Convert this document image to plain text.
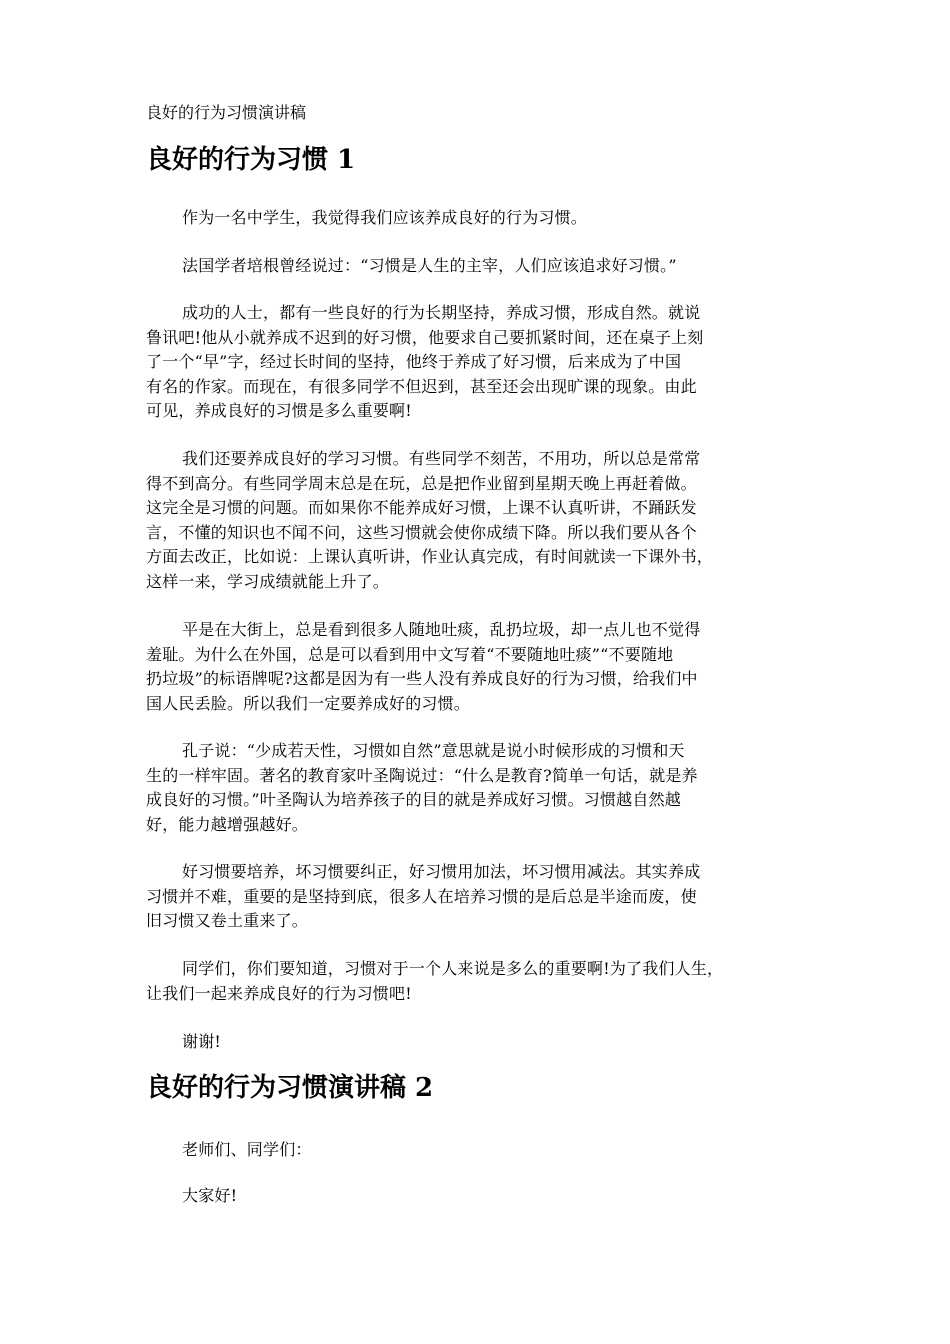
良好的行为习惯演讲稿

良好的行为习惯 1

作为一名中学生，我觉得我们应该养成良好的行为习惯。

法国学者培根曾经说过：“习惯是人生的主宰，人们应该追求好习惯。”

成功的人士，都有一些良好的行为长期坚持，养成习惯，形成自然。就说
鲁讯吧!他从小就养成不迟到的好习惯，他要求自己要抓紧时间，还在桌子上刻
了一个“早”字，经过长时间的坚持，他终于养成了好习惯，后来成为了中国
有名的作家。而现在，有很多同学不但迟到，甚至还会出现旷课的现象。由此
可见，养成良好的习惯是多么重要啊!

我们还要养成良好的学习习惯。有些同学不刻苦，不用功，所以总是常常
得不到高分。有些同学周末总是在玩，总是把作业留到星期天晚上再赶着做。
这完全是习惯的问题。而如果你不能养成好习惯，上课不认真听讲，不踊跃发
言，不懂的知识也不闻不问，这些习惯就会使你成绩下降。所以我们要从各个
方面去改正，比如说：上课认真听讲，作业认真完成，有时间就读一下课外书，
这样一来，学习成绩就能上升了。

平是在大街上，总是看到很多人随地吐痰，乱扔垃圾，却一点儿也不觉得
羞耻。为什么在外国，总是可以看到用中文写着“不要随地吐痰”“不要随地
扔垃圾”的标语牌呢?这都是因为有一些人没有养成良好的行为习惯，给我们中
国人民丢脸。所以我们一定要养成好的习惯。

孔子说：“少成若天性，习惯如自然”意思就是说小时候形成的习惯和天
生的一样牢固。著名的教育家叶圣陶说过：“什么是教育?简单一句话，就是养
成良好的习惯。”叶圣陶认为培养孩子的目的就是养成好习惯。习惯越自然越
好，能力越增强越好。

好习惯要培养，坏习惯要纠正，好习惯用加法，坏习惯用减法。其实养成
习惯并不难，重要的是坚持到底，很多人在培养习惯的是后总是半途而废，使
旧习惯又卷土重来了。

同学们，你们要知道，习惯对于一个人来说是多么的重要啊!为了我们人生，
让我们一起来养成良好的行为习惯吧!

谢谢!

良好的行为习惯演讲稿 2

老师们、同学们：

大家好!
